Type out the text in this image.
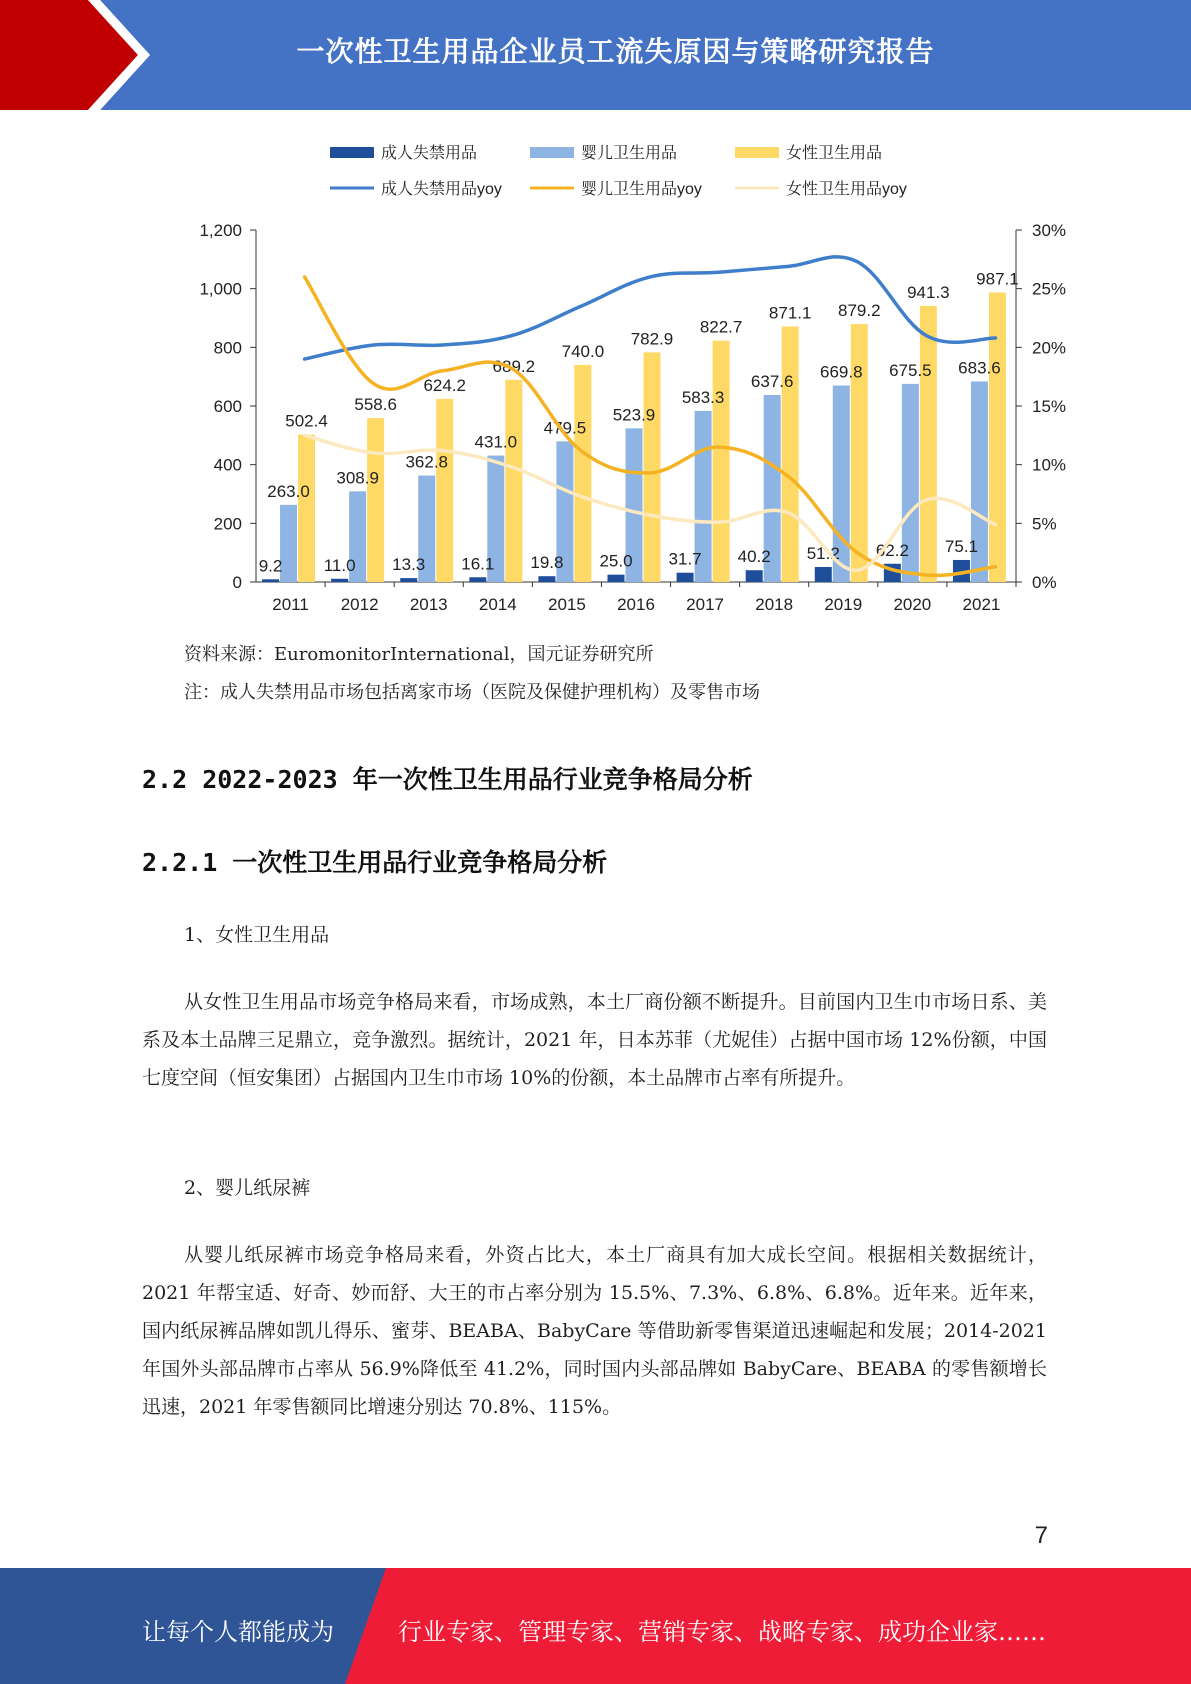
一次性卫生用品企业员工流失原因与策略研究报告
成人失禁用品	婴儿卫生用品	女性卫生用品
成人失禁用品yoy	婴儿卫生用品yoy	女性卫生用品yoy
0
200
400
600
800
1,000
1,200
0%
5%
10%
15%
20%
25%
30%
2011 2012 2013 2014 2015 2016 2017 2018 2019 2020 2021
9.2 11.0 13.3 16.1 19.8 25.0 31.7 40.2 51.2 62.2 75.1
263.0
308.9
362.8
431.0
479.5
523.9
583.3
637.6 669.8 675.5 683.6
502.4
558.6
624.2
689.2
740.0
782.9
822.7
871.1 879.2
941.3
987.1
资料来源：EuromonitorInternational，国元证券研究所
注：成人失禁用品市场包括离家市场（医院及保健护理机构）及零售市场
2.2 2022-2023 年一次性卫生用品行业竞争格局分析
2.2.1 一次性卫生用品行业竞争格局分析
1、女性卫生用品
从女性卫生用品市场竞争格局来看，市场成熟，本土厂商份额不断提升。目前国内卫生巾市场日系、美系及本土品牌三足鼎立，竞争激烈。据统计，2021 年，日本苏菲（尤妮佳）占据中国市场 12%份额，中国七度空间（恒安集团）占据国内卫生巾市场 10%的份额，本土品牌市占率有所提升。
2、婴儿纸尿裤
从婴儿纸尿裤市场竞争格局来看，外资占比大，本土厂商具有加大成长空间。根据相关数据统计，2021 年帮宝适、好奇、妙而舒、大王的市占率分别为 15.5%、7.3%、6.8%、6.8%。近年来。近年来，国内纸尿裤品牌如凯儿得乐、蜜芽、BEABA、BabyCare 等借助新零售渠道迅速崛起和发展；2014-2021 年国外头部品牌市占率从 56.9%降低至 41.2%，同时国内头部品牌如 BabyCare、BEABA 的零售额增长迅速，2021 年零售额同比增速分别达 70.8%、115%。
7
让每个人都能成为	行业专家、管理专家、营销专家、战略专家、成功企业家……
